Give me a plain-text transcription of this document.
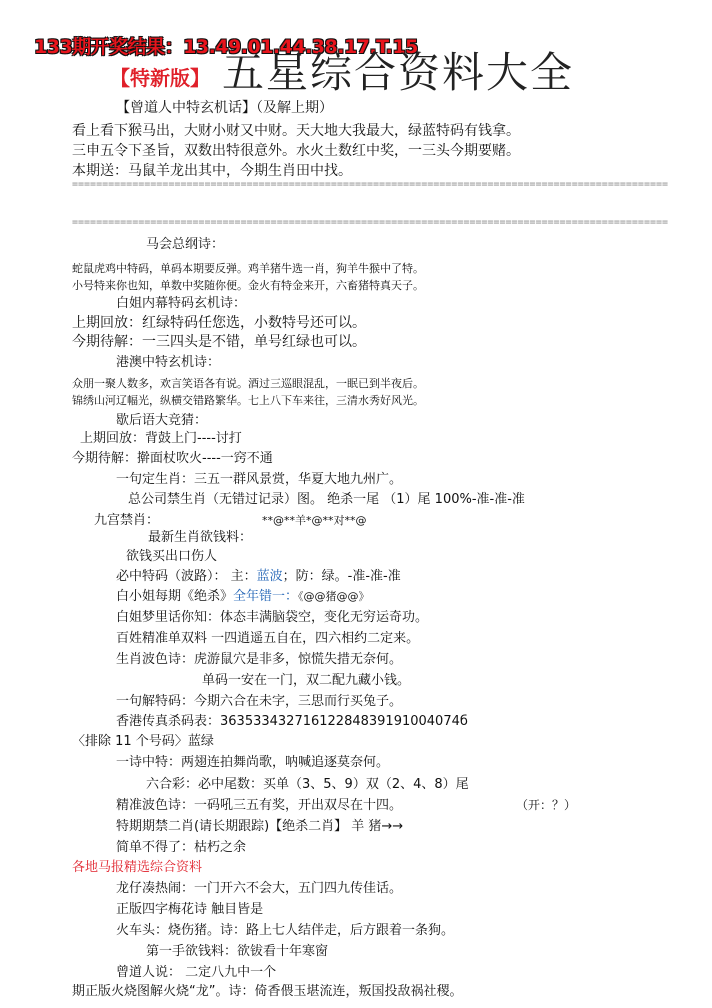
133期开奖结果：13.49.01.44.38.17.T.15
【特新版】 五星综合资料大全
【曾道人中特玄机话】（及解上期）
看上看下猴马出，大财小财又中财。天大地大我最大，绿蓝特码有钱拿。
三申五令下圣旨，双数出特很意外。水火土数红中奖，一三头今期要赌。
本期送：马鼠羊龙出其中，今期生肖田中找。
===================================================================================================
===================================================================================================
马会总纲诗：
蛇鼠虎鸡中特码，单码本期要反弹。鸡羊猪牛选一肖，狗羊牛猴中了特。
小号特来你也知，单数中奖随你便。金火有特金来开，六畜猪特真天子。
白姐内幕特码玄机诗：
上期回放：红绿特码任您选，小数特号还可以。
今期待解：一三四头是不错，单号红绿也可以。
港澳中特玄机诗：
众朋一聚人数多，欢言笑语各有说。酒过三巡眼混乱，一眠已到半夜后。
锦绣山河辽幅光，纵横交错路繁华。七上八下车来往，三清水秀好风光。
歇后语大竞猜：
上期回放：背鼓上门----讨打
今期待解：擀面杖吹火----一窍不通
一句定生肖：三五一群风景赏，华夏大地九州广。
总公司禁生肖（无错过记录）图。 绝杀一尾 （1）尾 100%-准-准-准
九宫禁肖：	**@**羊*@**对**@
最新生肖欲钱料：
欲钱买出口伤人
必中特码（波路）： 主：蓝波；防：绿。-准-准-准
白小姐每期《绝杀》全年错一：《@@猪@@》
白姐梦里话你知：体态丰满脑袋空，变化无穷运奇功。
百姓精准单双料 一四逍遥五自在，四六相约二定来。
生肖波色诗：虎游鼠穴是非多，惊慌失措无奈何。
单码一安在一门，双二配九藏小钱。
一句解特码：今期六合在未字，三思而行买兔子。
香港传真杀码表：36353343271612284839191004074б
〈排除 11 个号码〉蓝绿
一诗中特：两翅连拍舞尚歌，呐喊追逐莫奈何。
六合彩：必中尾数：买单（3、5、9）双（2、4、8）尾
精准波色诗：一码吼三五有奖，开出双尽在十四。	（开：？）
特期期禁二肖(请长期跟踪)【绝杀二肖】 羊 猪→→
简单不得了：枯朽之余
各地马报精选综合资料
龙仔凑热闹：一门开六不会大，五门四九传佳话。
正版四字梅花诗 触目皆是
火车头：烧伤猪。诗：路上七人结伴走，后方跟着一条狗。
第一手欲钱料：欲钹看十年寒窗
曾道人说： 二定八九中一个
期正版火烧图解火烧“龙”。诗：倚香偎玉堪流连，叛国投敌祸社稷。
